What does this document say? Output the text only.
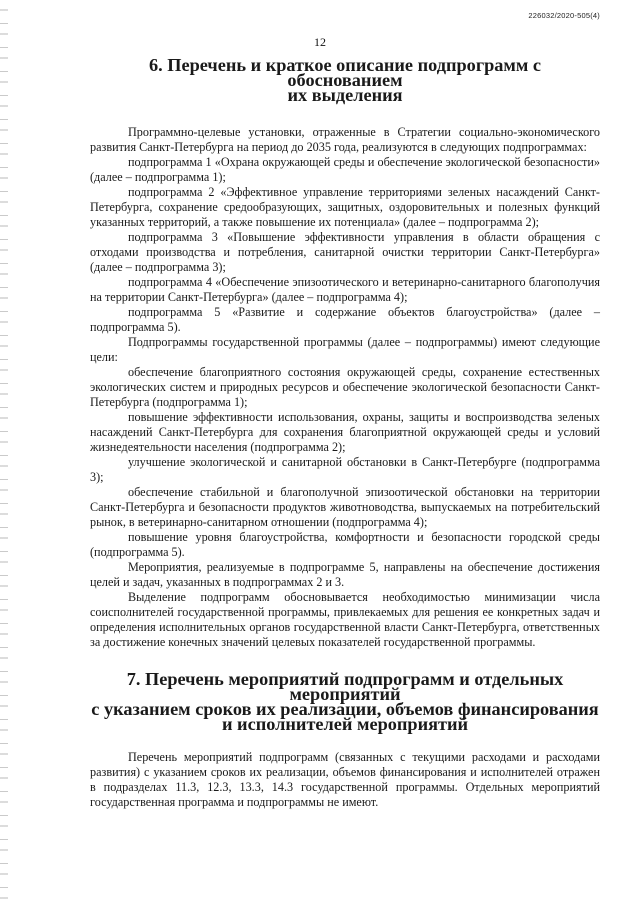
226032/2020-505(4)
12
6. Перечень и краткое описание подпрограмм с обоснованием
их выделения

Программно-целевые установки, отраженные в Стратегии социально-экономического развития Санкт-Петербурга на период до 2035 года, реализуются в следующих подпрограммах:

подпрограмма 1 «Охрана окружающей среды и обеспечение экологической безопасности» (далее – подпрограмма 1);

подпрограмма 2 «Эффективное управление территориями зеленых насаждений Санкт-Петербурга, сохранение средообразующих, защитных, оздоровительных и полезных функций указанных территорий, а также повышение их потенциала» (далее – подпрограмма 2);

подпрограмма 3 «Повышение эффективности управления в области обращения с отходами производства и потребления, санитарной очистки территории Санкт-Петербурга» (далее – подпрограмма 3);

подпрограмма 4 «Обеспечение эпизоотического и ветеринарно-санитарного благополучия на территории Санкт-Петербурга» (далее – подпрограмма 4);

подпрограмма 5 «Развитие и содержание объектов благоустройства» (далее – подпрограмма 5).

Подпрограммы государственной программы (далее – подпрограммы) имеют следующие цели:

обеспечение благоприятного состояния окружающей среды, сохранение естественных экологических систем и природных ресурсов и обеспечение экологической безопасности Санкт-Петербурга (подпрограмма 1);

повышение эффективности использования, охраны, защиты и воспроизводства зеленых насаждений Санкт-Петербурга для сохранения благоприятной окружающей среды и условий жизнедеятельности населения (подпрограмма 2);

улучшение экологической и санитарной обстановки в Санкт-Петербурге (подпрограмма 3);

обеспечение стабильной и благополучной эпизоотической обстановки на территории Санкт-Петербурга и безопасности продуктов животноводства, выпускаемых на потребительский рынок, в ветеринарно-санитарном отношении (подпрограмма 4);

повышение уровня благоустройства, комфортности и безопасности городской среды (подпрограмма 5).

Мероприятия, реализуемые в подпрограмме 5, направлены на обеспечение достижения целей и задач, указанных в подпрограммах 2 и 3.

Выделение подпрограмм обосновывается необходимостью минимизации числа соисполнителей государственной программы, привлекаемых для решения ее конкретных задач и определения исполнительных органов государственной власти Санкт-Петербурга, ответственных за достижение конечных значений целевых показателей государственной программы.

7. Перечень мероприятий подпрограмм и отдельных мероприятий
с указанием сроков их реализации, объемов финансирования
и исполнителей мероприятий

Перечень мероприятий подпрограмм (связанных с текущими расходами и расходами развития) с указанием сроков их реализации, объемов финансирования и исполнителей отражен в подразделах 11.3, 12.3, 13.3, 14.3 государственной программы. Отдельных мероприятий государственная программа и подпрограммы не имеют.
